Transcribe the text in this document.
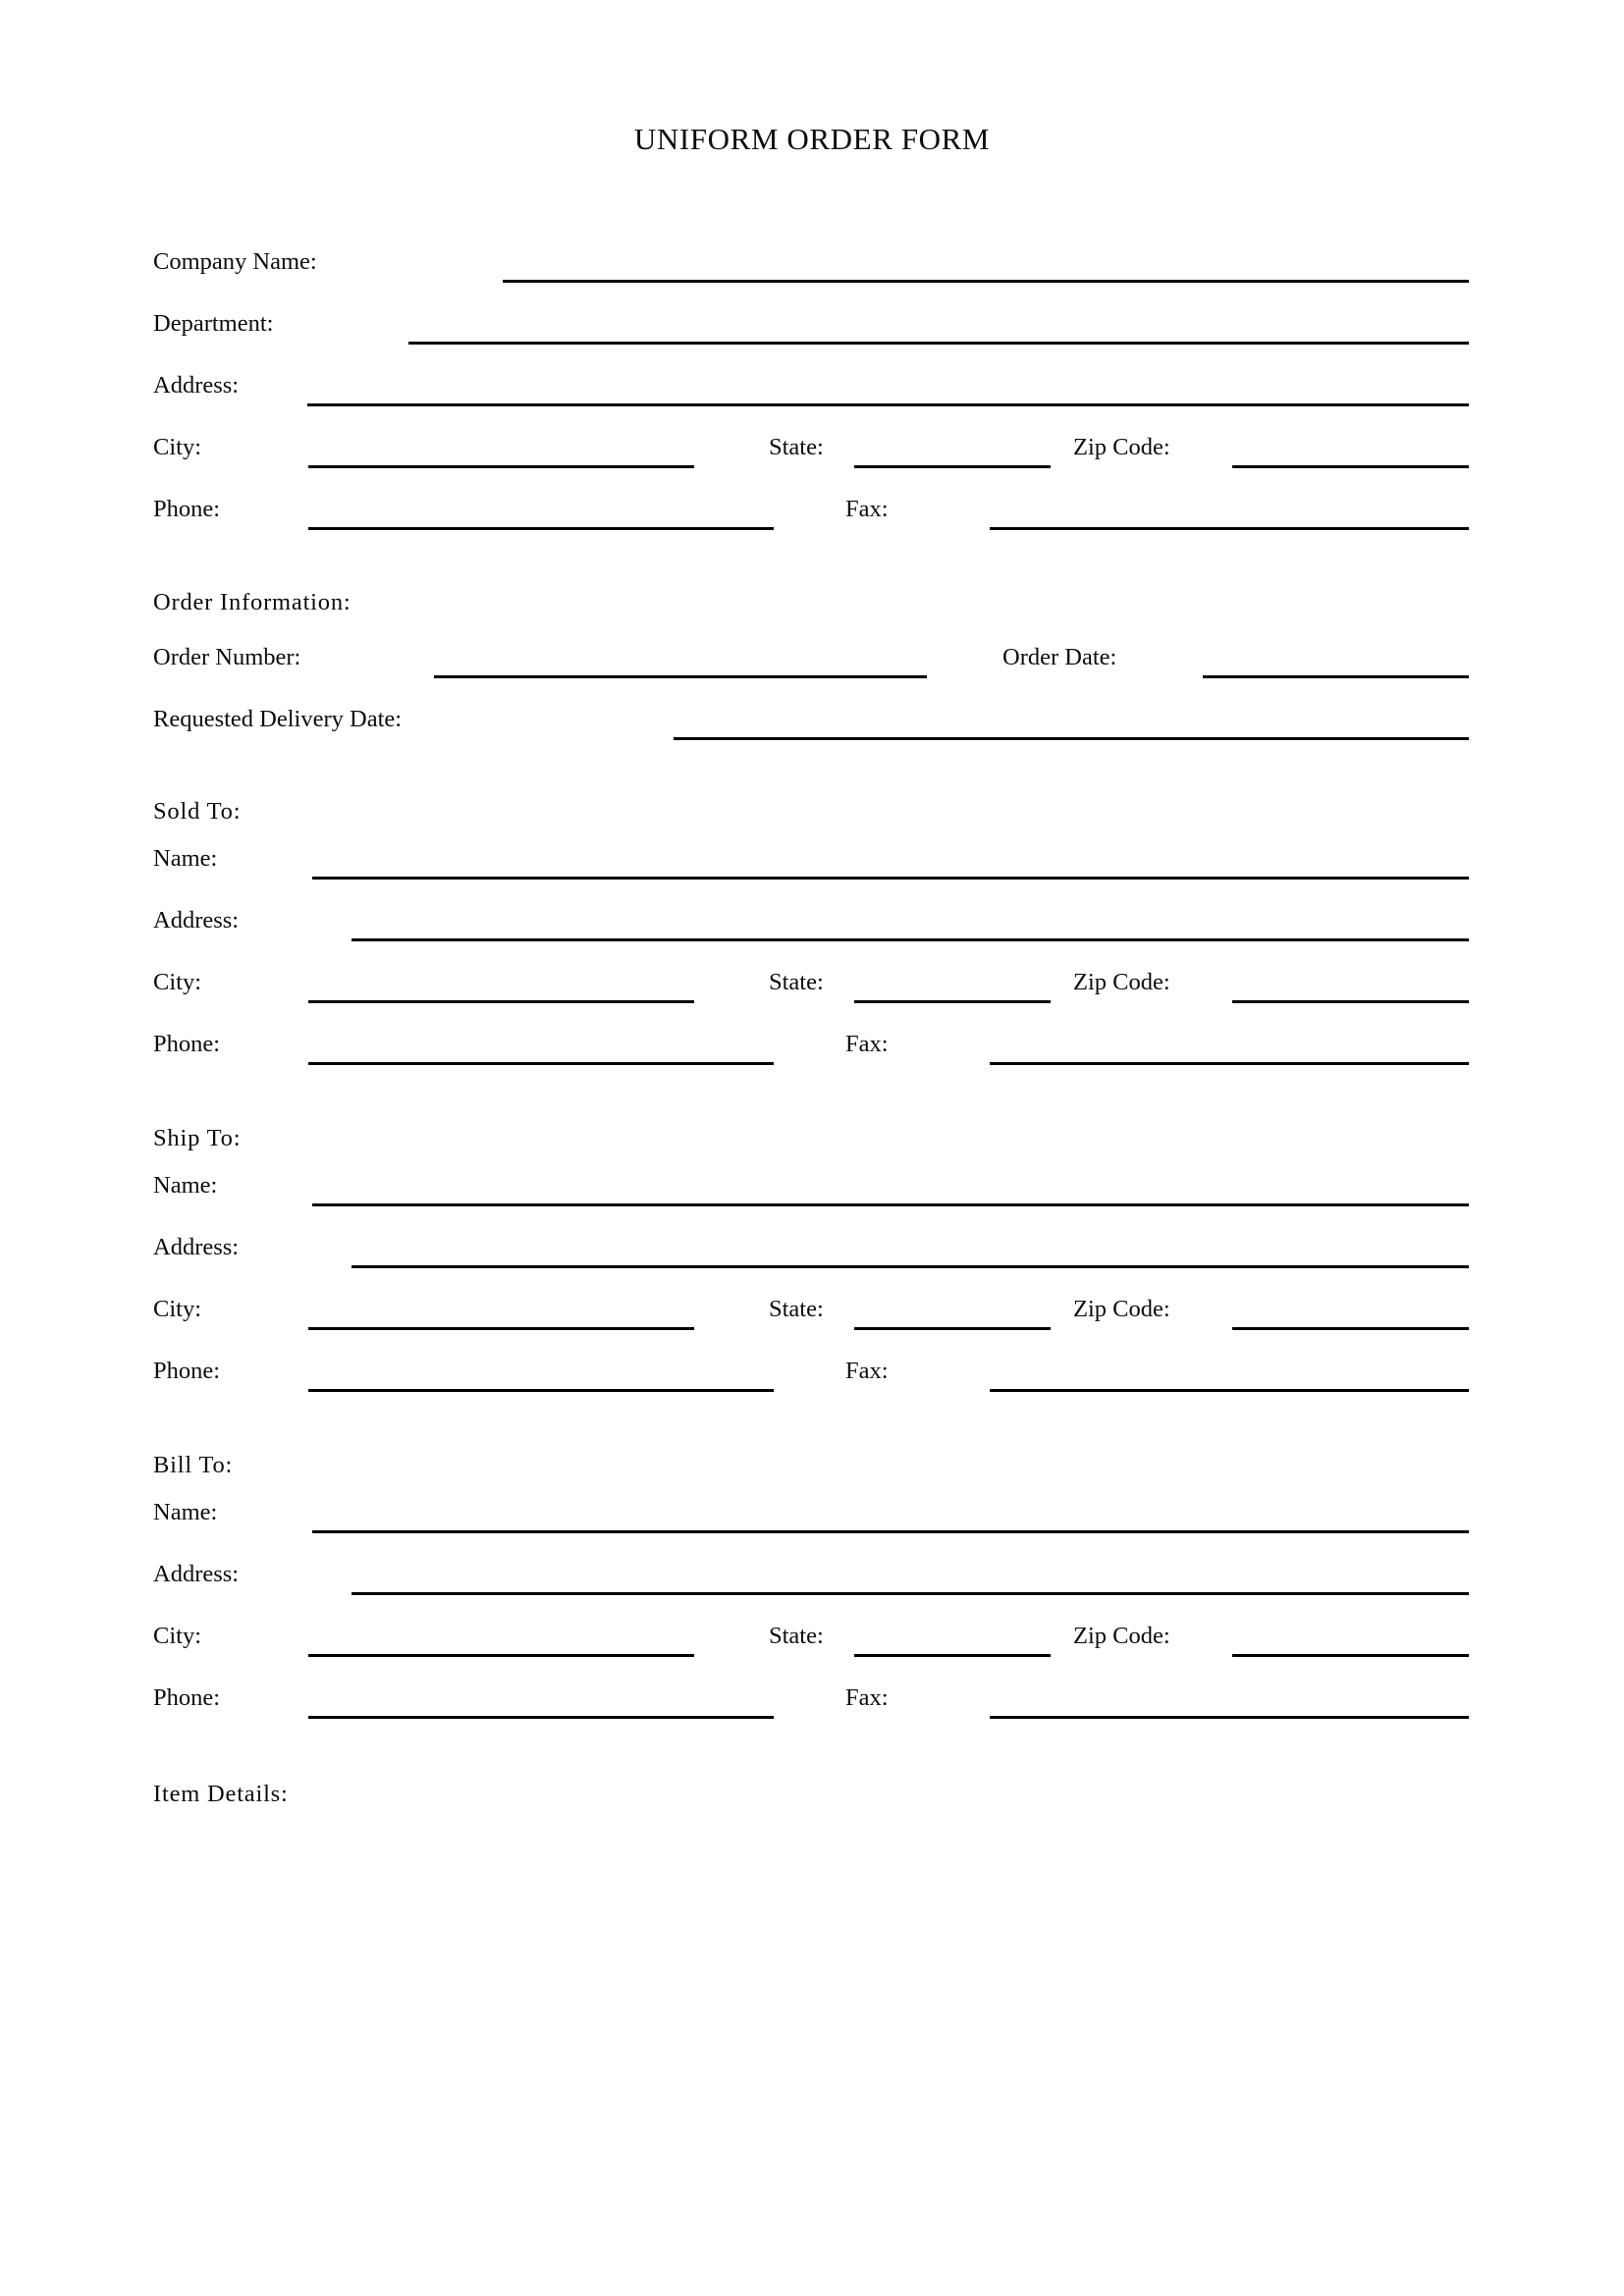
UNIFORM ORDER FORM
Company Name:
Department:
Address:
City:	State:	Zip Code:
Phone:	Fax:
Order Information:
Order Number:	Order Date:
Requested Delivery Date:
Sold To:
Name:
Address:
City:	State:	Zip Code:
Phone:	Fax:
Ship To:
Name:
Address:
City:	State:	Zip Code:
Phone:	Fax:
Bill To:
Name:
Address:
City:	State:	Zip Code:
Phone:	Fax:
Item Details:
